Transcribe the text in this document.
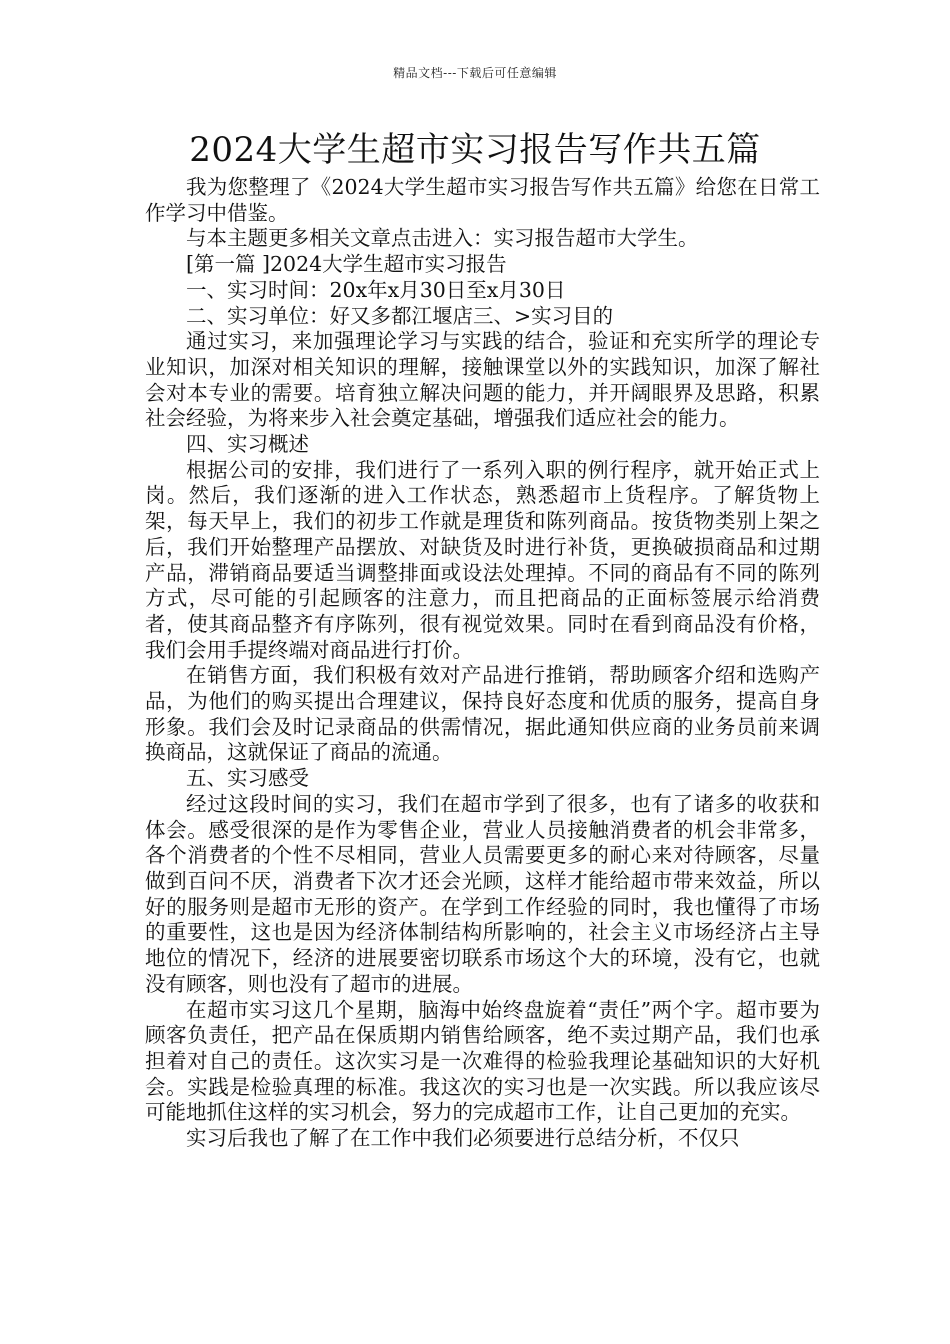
精品文档---下载后可任意编辑
2024大学生超市实习报告写作共五篇

我为您整理了《2024大学生超市实习报告写作共五篇》给您在日常工作学习中借鉴。

与本主题更多相关文章点击进入：实习报告超市大学生。

[第一篇 ]2024大学生超市实习报告

一、实习时间：20x年x月30日至x月30日

二、实习单位：好又多都江堰店三、>实习目的

通过实习，来加强理论学习与实践的结合，验证和充实所学的理论专业知识，加深对相关知识的理解，接触课堂以外的实践知识，加深了解社会对本专业的需要。培育独立解决问题的能力，并开阔眼界及思路，积累社会经验，为将来步入社会奠定基础，增强我们适应社会的能力。

四、实习概述

根据公司的安排，我们进行了一系列入职的例行程序，就开始正式上岗。然后，我们逐渐的进入工作状态，熟悉超市上货程序。了解货物上架，每天早上，我们的初步工作就是理货和陈列商品。按货物类别上架之后，我们开始整理产品摆放、对缺货及时进行补货，更换破损商品和过期产品，滞销商品要适当调整排面或设法处理掉。不同的商品有不同的陈列方式，尽可能的引起顾客的注意力，而且把商品的正面标签展示给消费者，使其商品整齐有序陈列，很有视觉效果。同时在看到商品没有价格，我们会用手提终端对商品进行打价。

在销售方面，我们积极有效对产品进行推销，帮助顾客介绍和选购产品，为他们的购买提出合理建议，保持良好态度和优质的服务，提高自身形象。我们会及时记录商品的供需情况，据此通知供应商的业务员前来调换商品，这就保证了商品的流通。

五、实习感受

经过这段时间的实习，我们在超市学到了很多，也有了诸多的收获和体会。感受很深的是作为零售企业，营业人员接触消费者的机会非常多，各个消费者的个性不尽相同，营业人员需要更多的耐心来对待顾客，尽量做到百问不厌，消费者下次才还会光顾，这样才能给超市带来效益，所以好的服务则是超市无形的资产。在学到工作经验的同时，我也懂得了市场的重要性，这也是因为经济体制结构所影响的，社会主义市场经济占主导地位的情况下，经济的进展要密切联系市场这个大的环境，没有它，也就没有顾客，则也没有了超市的进展。

在超市实习这几个星期，脑海中始终盘旋着“责任”两个字。超市要为顾客负责任，把产品在保质期内销售给顾客，绝不卖过期产品，我们也承担着对自己的责任。这次实习是一次难得的检验我理论基础知识的大好机会。实践是检验真理的标准。我这次的实习也是一次实践。所以我应该尽可能地抓住这样的实习机会，努力的完成超市工作，让自己更加的充实。

实习后我也了解了在工作中我们必须要进行总结分析，不仅只
